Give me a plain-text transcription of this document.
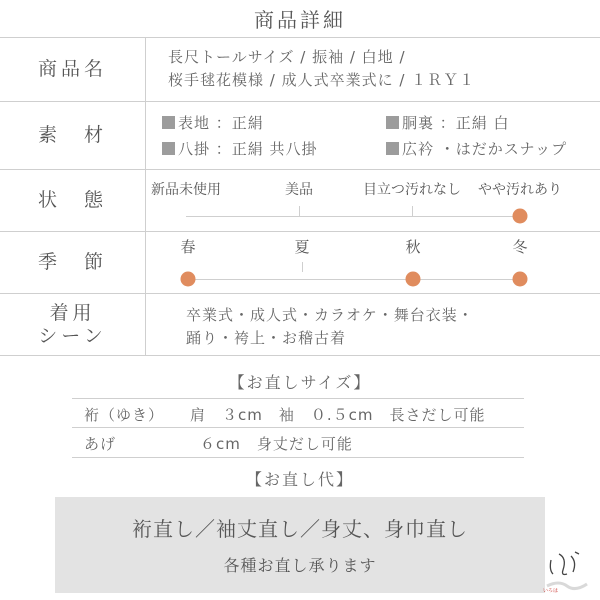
商品詳細
商品名
長尺トールサイズ / 振袖 / 白地 /
桜手毬花模様 / 成人式卒業式に / １ＲＹ１
素　材
表地 ：正絹	胴裏 ：正絹 白
八掛 ：正絹 共八掛	広衿 ・はだかスナップ
状　態	新品未使用	美品	目立つ汚れなし やや汚れあり
季　節
春	夏	秋	冬
着用
シーン
卒業式・成人式・カラオケ・舞台衣装・
踊り・袴上・お稽古着
【お直しサイズ】
裄（ゆき） 肩　３cm　袖　０.５cm　長さだし可能
あげ	６cm　身丈だし可能
【お直し代】
裄直し／袖丈直し／身丈、身巾直し
各種お直し承ります
いろは
